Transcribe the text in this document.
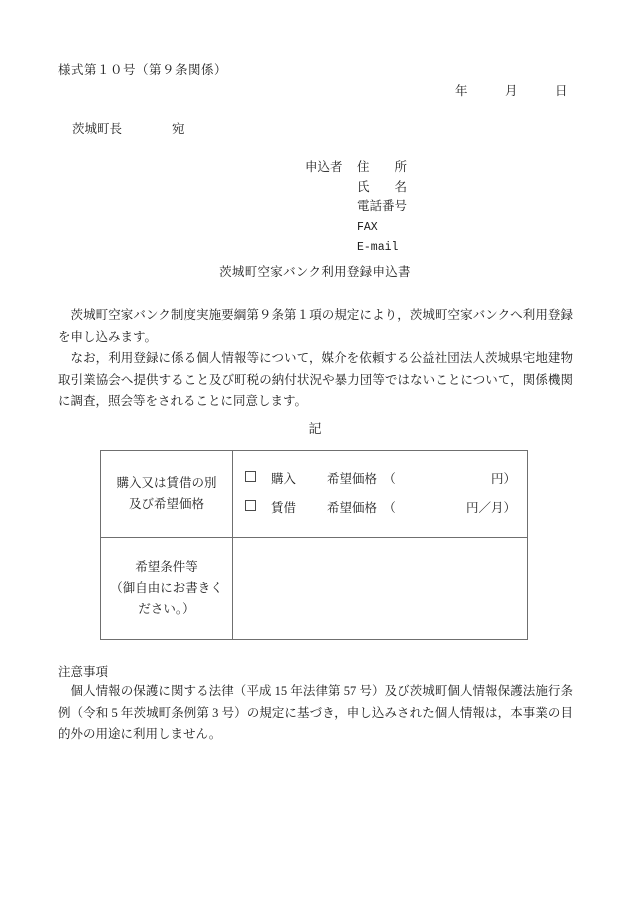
様式第１０号（第９条関係）
年　　　月　　　日
茨城町長　　　　宛
申込者 住　　所
氏　　名
電話番号
FAX
E-mail
茨城町空家バンク利用登録申込書

茨城町空家バンク制度実施要綱第９条第１項の規定により，茨城町空家バンクへ利用登録を申し込みます。

なお，利用登録に係る個人情報等について，媒介を依頼する公益社団法人茨城県宅地建物取引業協会へ提供すること及び町税の納付状況や暴力団等ではないことについて，関係機関に調査，照会等をされることに同意します。

記
購入又は賃借の別
及び希望価格

購入	希望価格　（	円）
賃借	希望価格　（	円／月）

希望条件等
（御自由にお書きく
ださい。）	

注意事項

個人情報の保護に関する法律（平成 15 年法律第 57 号）及び茨城町個人情報保護法施行条例（令和 5 年茨城町条例第 3 号）の規定に基づき，申し込みされた個人情報は，本事業の目的外の用途に利用しません。
